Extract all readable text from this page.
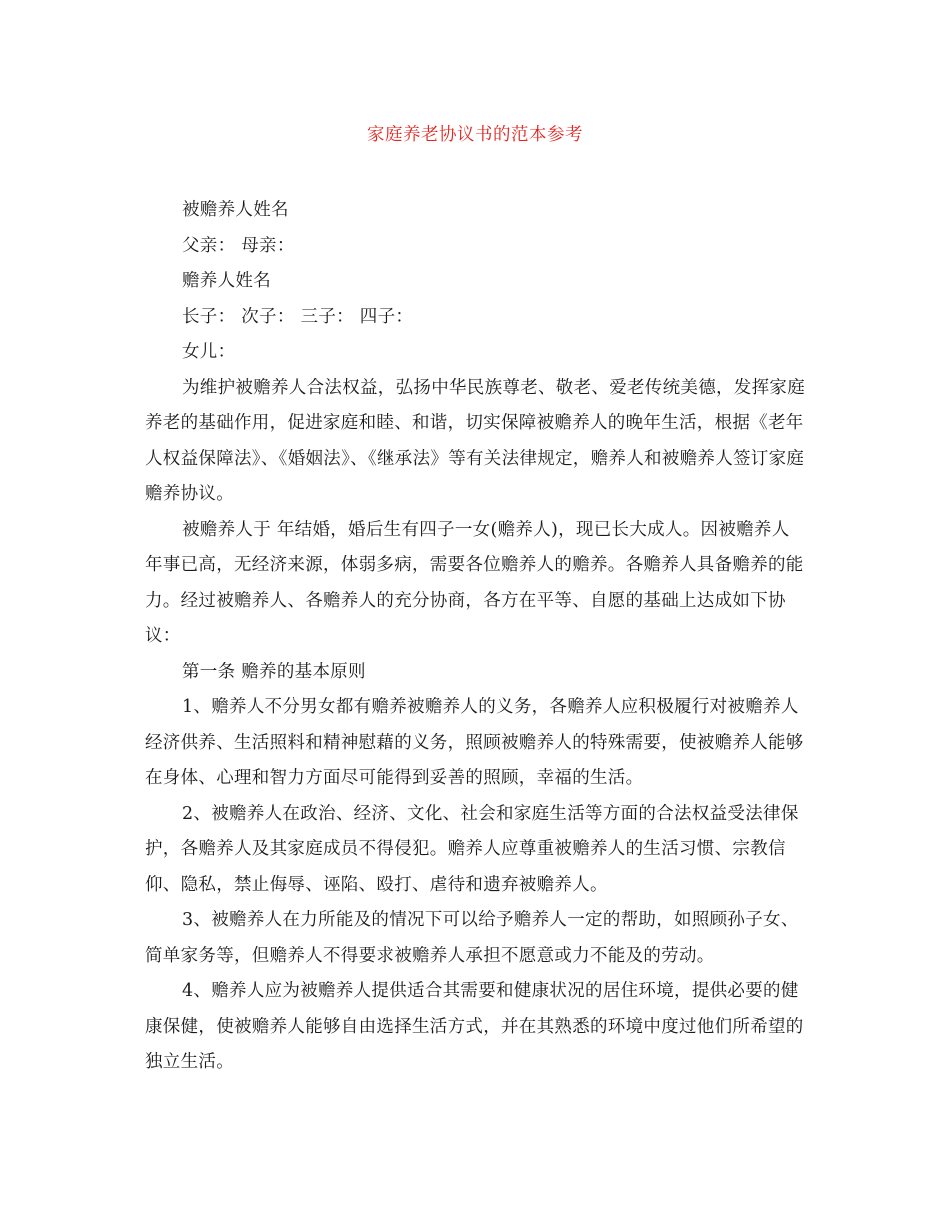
家庭养老协议书的范本参考

被赡养人姓名

父亲： 母亲：

赡养人姓名

长子： 次子： 三子： 四子：

女儿：

为维护被赡养人合法权益，弘扬中华民族尊老、敬老、爱老传统美德，发挥家庭养老的基础作用，促进家庭和睦、和谐，切实保障被赡养人的晚年生活，根据《老年人权益保障法》、《婚姻法》、《继承法》等有关法律规定，赡养人和被赡养人签订家庭赡养协议。

被赡养人于 年结婚，婚后生有四子一女(赡养人)，现已长大成人。因被赡养人年事已高，无经济来源，体弱多病，需要各位赡养人的赡养。各赡养人具备赡养的能力。经过被赡养人、各赡养人的充分协商，各方在平等、自愿的基础上达成如下协议：

第一条 赡养的基本原则

1、赡养人不分男女都有赡养被赡养人的义务，各赡养人应积极履行对被赡养人经济供养、生活照料和精神慰藉的义务，照顾被赡养人的特殊需要，使被赡养人能够在身体、心理和智力方面尽可能得到妥善的照顾，幸福的生活。

2、被赡养人在政治、经济、文化、社会和家庭生活等方面的合法权益受法律保护，各赡养人及其家庭成员不得侵犯。赡养人应尊重被赡养人的生活习惯、宗教信仰、隐私，禁止侮辱、诬陷、殴打、虐待和遗弃被赡养人。

3、被赡养人在力所能及的情况下可以给予赡养人一定的帮助，如照顾孙子女、简单家务等，但赡养人不得要求被赡养人承担不愿意或力不能及的劳动。

4、赡养人应为被赡养人提供适合其需要和健康状况的居住环境，提供必要的健康保健，使被赡养人能够自由选择生活方式，并在其熟悉的环境中度过他们所希望的独立生活。
